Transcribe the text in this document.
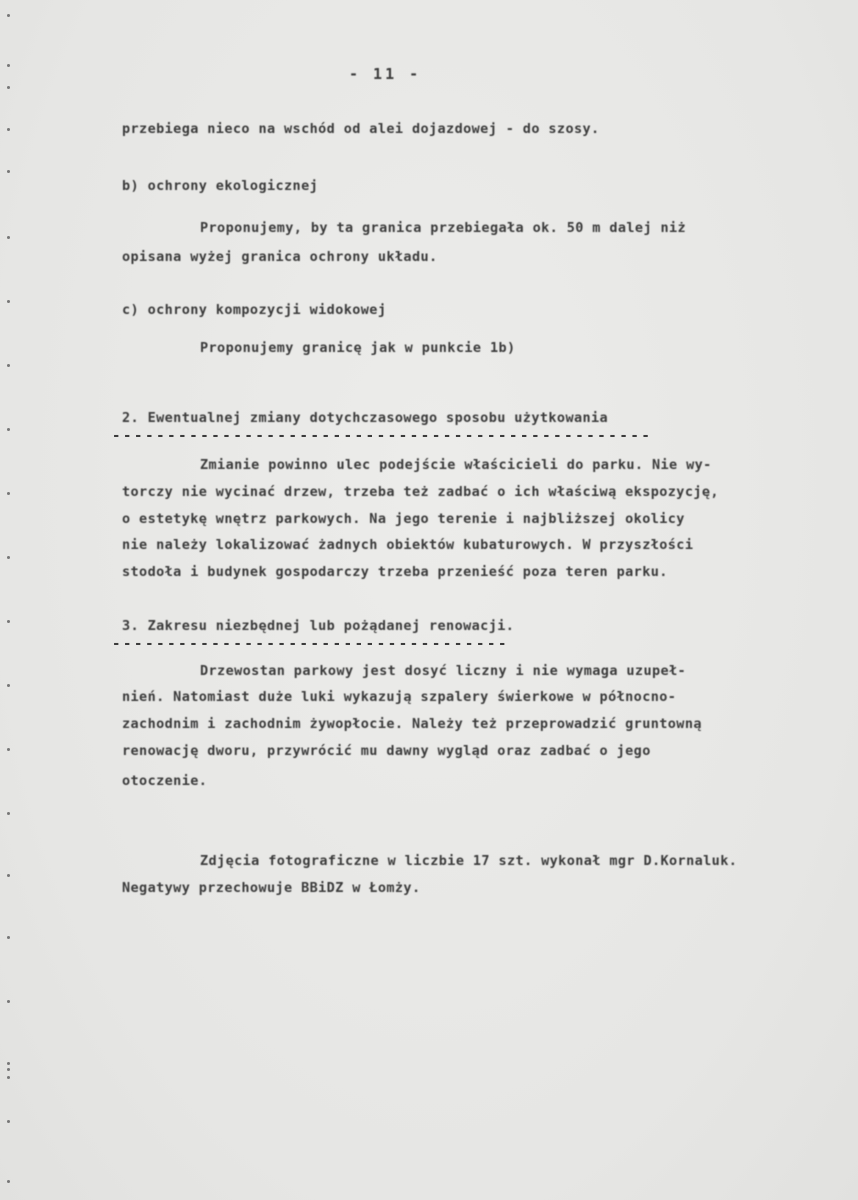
- 11 -
przebiega nieco na wschód od alei dojazdowej - do szosy.
b) ochrony ekologicznej
Proponujemy, by ta granica przebiegała ok. 50 m dalej niż
opisana wyżej granica ochrony układu.
c) ochrony kompozycji widokowej
Proponujemy granicę jak w punkcie 1b)
2. Ewentualnej zmiany dotychczasowego sposobu użytkowania
-------------------------------------------------
Zmianie powinno ulec podejście właścicieli do parku. Nie wy-
torczy nie wycinać drzew, trzeba też zadbać o ich właściwą ekspozycję,
o estetykę wnętrz parkowych. Na jego terenie i najbliższej okolicy
nie należy lokalizować żadnych obiektów kubaturowych. W przyszłości
stodoła i budynek gospodarczy trzeba przenieść poza teren parku.
3. Zakresu niezbędnej lub pożądanej renowacji.
------------------------------------
Drzewostan parkowy jest dosyć liczny i nie wymaga uzupeł-
nień. Natomiast duże luki wykazują szpalery świerkowe w północno-
zachodnim i zachodnim żywopłocie. Należy też przeprowadzić gruntowną
renowację dworu, przywrócić mu dawny wygląd oraz zadbać o jego
otoczenie.
Zdjęcia fotograficzne w liczbie 17 szt. wykonał mgr D.Kornaluk.
Negatywy przechowuje BBiDZ w Łomży.
